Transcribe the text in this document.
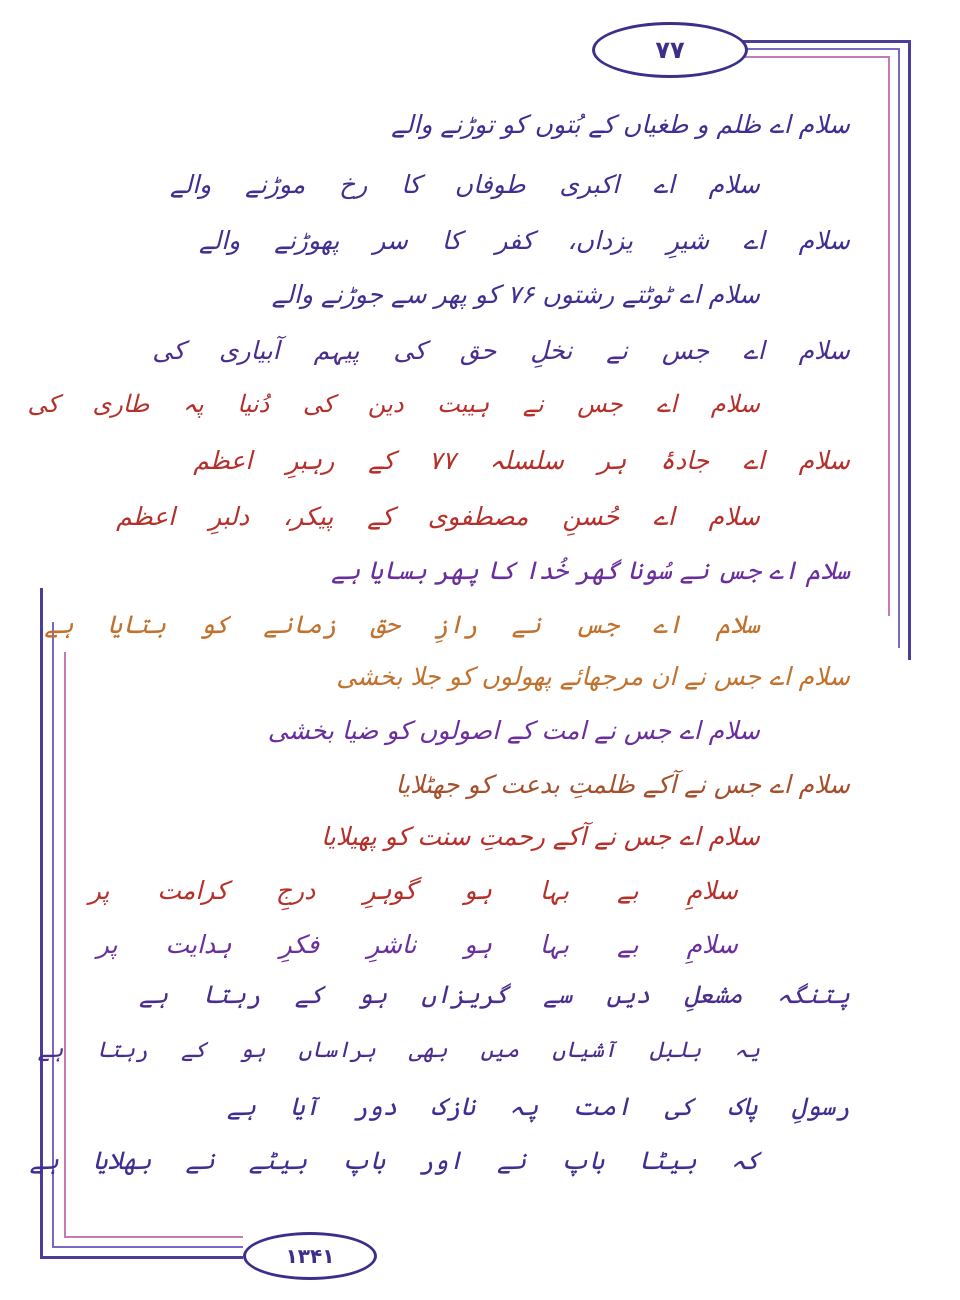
۷۷
۱۳۴۱
سلام اے ظلم و طغیاں کے بُتوں کو توڑنے والے
سلام اے اکبری طوفاں کا رخ موڑنے والے
سلام اے شیرِ یزداں، کفر کا سر پھوڑنے والے
سلام اے ٹوٹتے رشتوں ۷۶ کو پھر سے جوڑنے والے
سلام اے جس نے نخلِ حق کی پیہم آبیاری کی
سلام اے جس نے ہیبت دین کی دُنیا پہ طاری کی
سلام اے جادۂ ہر سلسلہ ۷۷ کے رہبرِ اعظم
سلام اے حُسنِ مصطفوی کے پیکر، دلبرِ اعظم
سلام اے جس نے سُونا گھر خُدا کا پھر بسایا ہے
سلام اے جس نے رازِ حق زمانے کو بتایا ہے
سلام اے جس نے ان مرجھائے پھولوں کو جلا بخشی
سلام اے جس نے امت کے اصولوں کو ضیا بخشی
سلام اے جس نے آکے ظلمتِ بدعت کو جھٹلایا
سلام اے جس نے آکے رحمتِ سنت کو پھیلایا
سلامِ بے بہا ہو گوہرِ درجِ کرامت پر
سلامِ بے بہا ہو ناشرِ فکرِ ہدایت پر
پتنگہ مشعلِ دیں سے گریزاں ہو کے رہتا ہے
یہ بلبل آشیاں میں بھی ہراساں ہو کے رہتا ہے
رسولِ پاک کی امت پہ نازک دور آیا ہے
کہ بیٹا باپ نے اور باپ بیٹے نے بھلایا ہے
